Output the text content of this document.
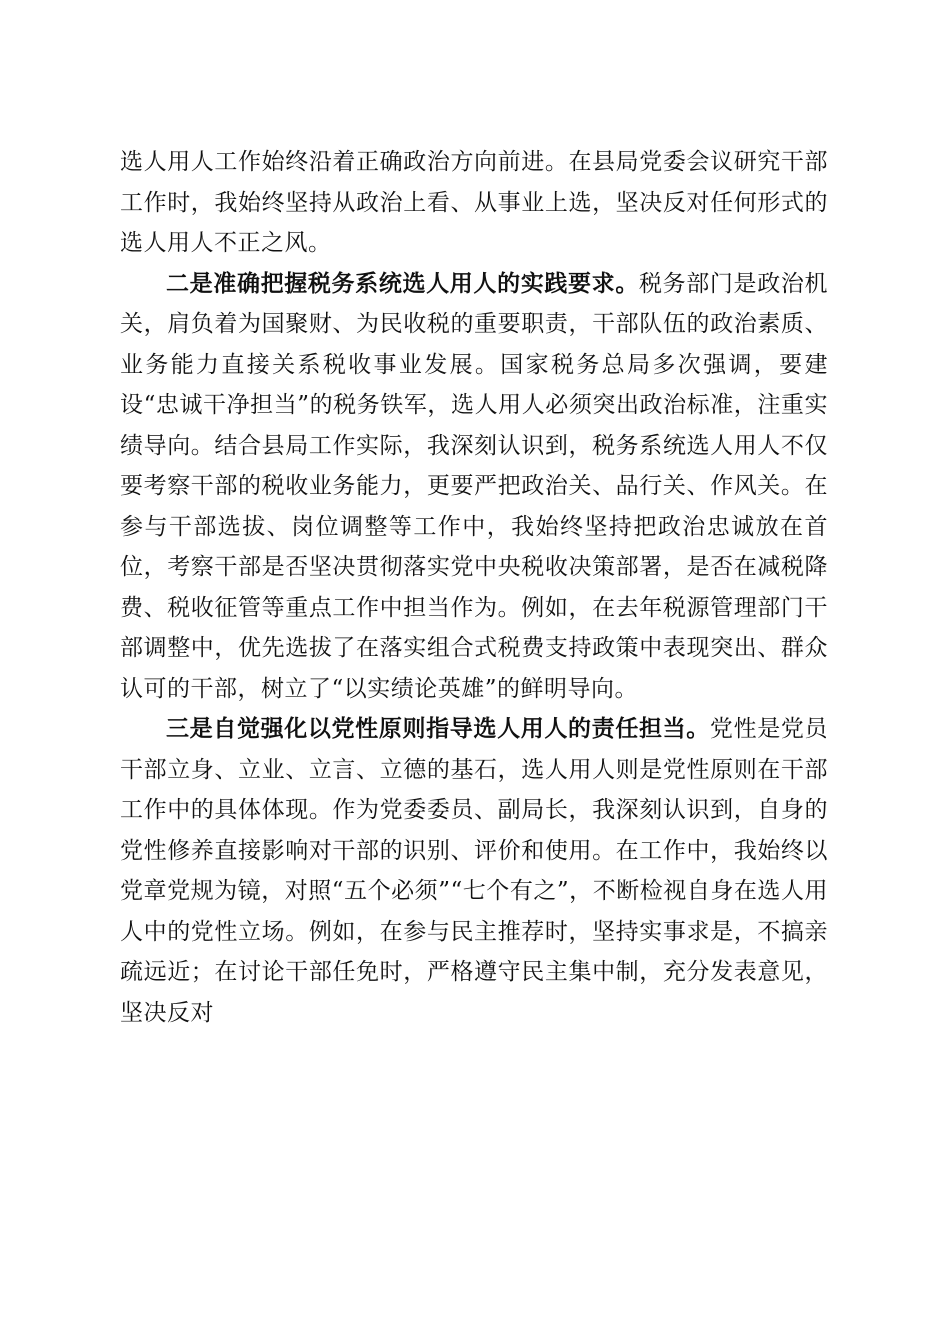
选人用人工作始终沿着正确政治方向前进。在县局党委会议研究干部工作时，我始终坚持从政治上看、从事业上选，坚决反对任何形式的选人用人不正之风。

二是准确把握税务系统选人用人的实践要求。税务部门是政治机关，肩负着为国聚财、为民收税的重要职责，干部队伍的政治素质、业务能力直接关系税收事业发展。国家税务总局多次强调，要建设“忠诚干净担当”的税务铁军，选人用人必须突出政治标准，注重实绩导向。结合县局工作实际，我深刻认识到，税务系统选人用人不仅要考察干部的税收业务能力，更要严把政治关、品行关、作风关。在参与干部选拔、岗位调整等工作中，我始终坚持把政治忠诚放在首位，考察干部是否坚决贯彻落实党中央税收决策部署，是否在减税降费、税收征管等重点工作中担当作为。例如，在去年税源管理部门干部调整中，优先选拔了在落实组合式税费支持政策中表现突出、群众认可的干部，树立了“以实绩论英雄”的鲜明导向。

三是自觉强化以党性原则指导选人用人的责任担当。党性是党员干部立身、立业、立言、立德的基石，选人用人则是党性原则在干部工作中的具体体现。作为党委委员、副局长，我深刻认识到，自身的党性修养直接影响对干部的识别、评价和使用。在工作中，我始终以党章党规为镜，对照“五个必须”“七个有之”，不断检视自身在选人用人中的党性立场。例如，在参与民主推荐时，坚持实事求是，不搞亲疏远近；在讨论干部任免时，严格遵守民主集中制，充分发表意见，坚决反对
